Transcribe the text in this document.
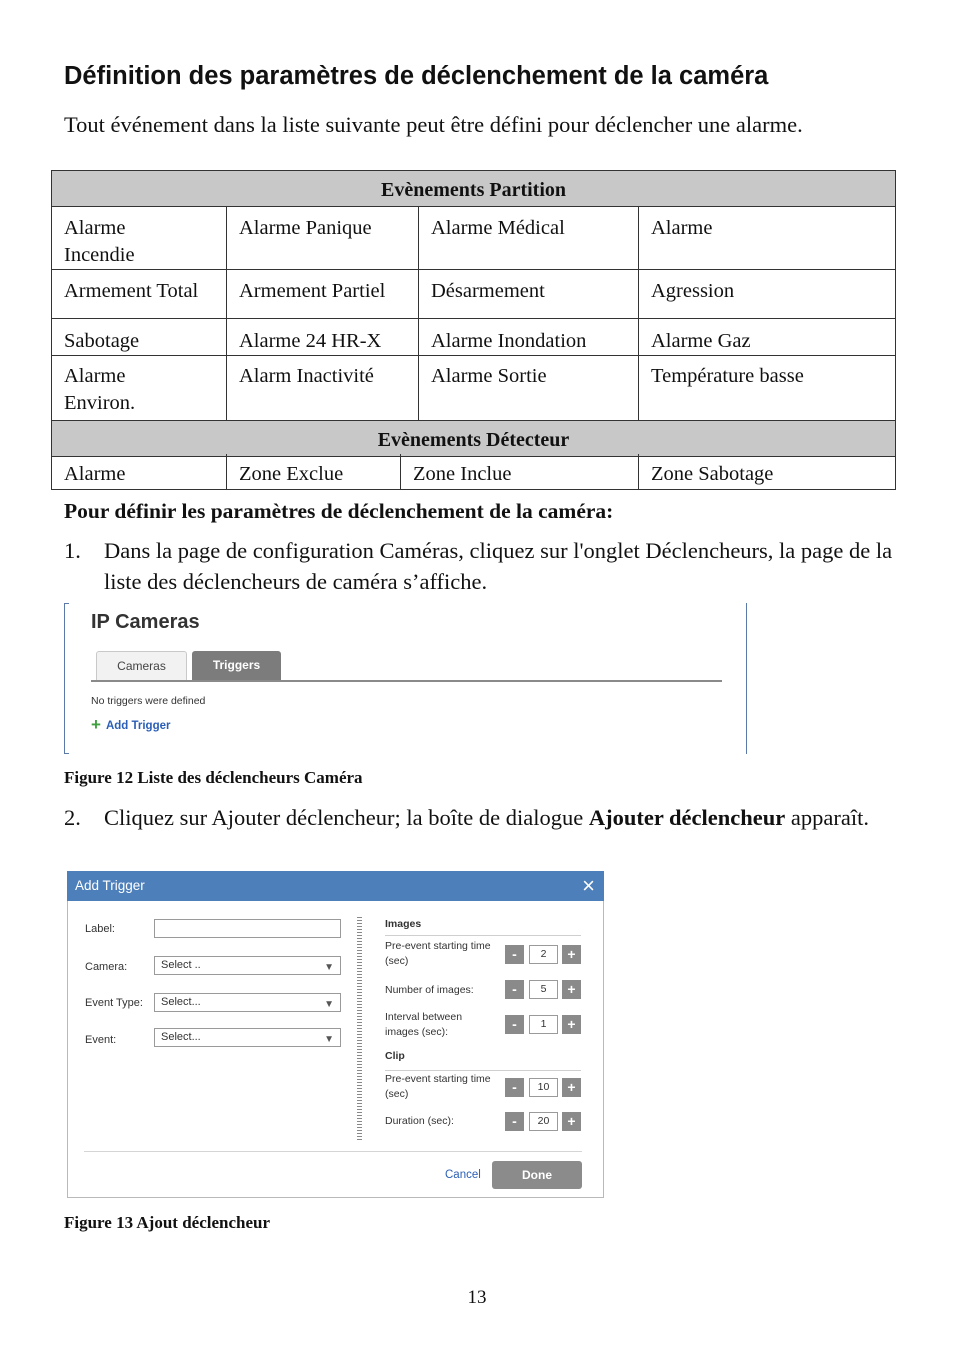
Définition des paramètres de déclenchement de la caméra
Tout événement dans la liste suivante peut être défini pour déclencher une alarme.
Evènements Partition			
Alarme Incendie	Alarme Panique	Alarme Médical	Alarme
Armement Total	Armement Partiel	Désarmement	Agression
Sabotage	Alarme 24 HR-X	Alarme Inondation	Alarme Gaz
Alarme Environ.	Alarm Inactivité	Alarme Sortie	Température basse
Evènements Détecteur			
Alarme	Zone Exclue	Zone Inclue	Zone Sabotage
Pour définir les paramètres de déclenchement de la caméra:
1. Dans la page de configuration Caméras, cliquez sur l'onglet Déclencheurs, la page de la liste des déclencheurs de caméra s’affiche.
IP Cameras
Cameras	Triggers
No triggers were defined
+ Add Trigger
Figure 12 Liste des déclencheurs Caméra
2. Cliquez sur Ajouter déclencheur; la boîte de dialogue Ajouter déclencheur apparaît.
Add Trigger	×
Label:
Camera:	Select ..	▼
Event Type:	Select...	▼
Event:	Select...	▼
Images
Pre-event starting time (sec)	-	2	+
Number of images:	-	5	+
Interval between images (sec):	-	1	+
Clip
Pre-event starting time (sec)	-	10	+
Duration (sec):	-	20	+
Cancel	Done
Figure 13 Ajout déclencheur
13
